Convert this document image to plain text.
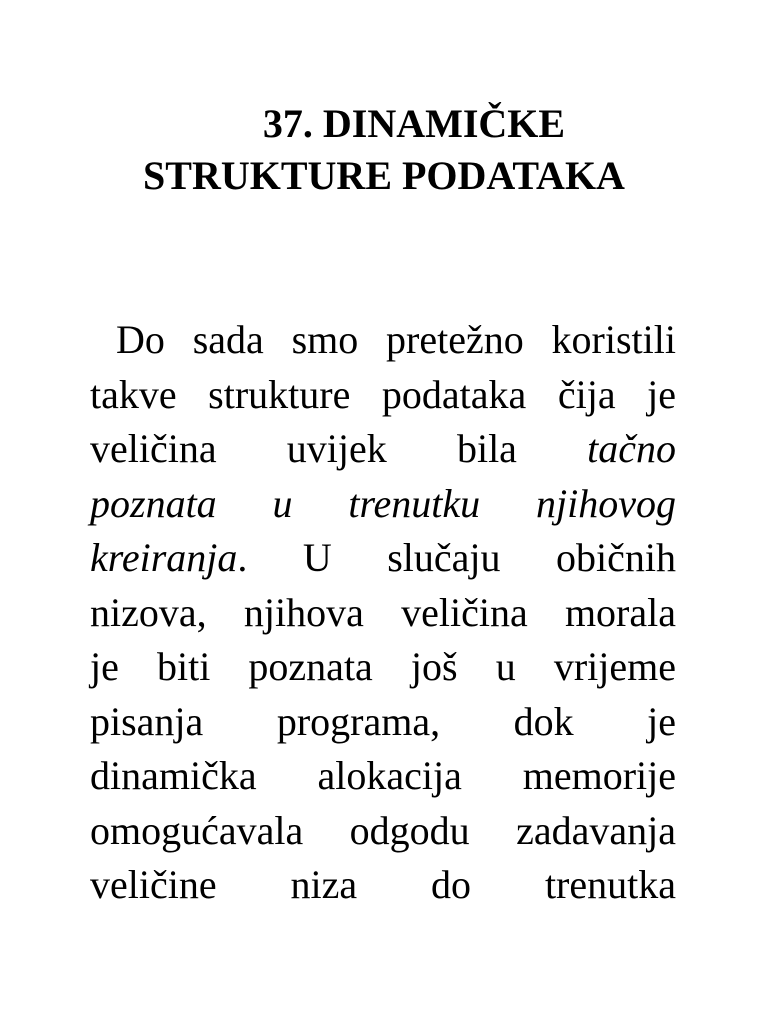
37. DINAMIČKE
STRUKTURE PODATAKA
Do sada smo pretežno koristili
takve strukture podataka čija je
veličina uvijek bila tačno
poznata u trenutku njihovog
kreiranja. U slučaju običnih
nizova, njihova veličina morala
je biti poznata još u vrijeme
pisanja programa, dok je
dinamička alokacija memorije
omogućavala odgodu zadavanja
veličine niza do trenutka
